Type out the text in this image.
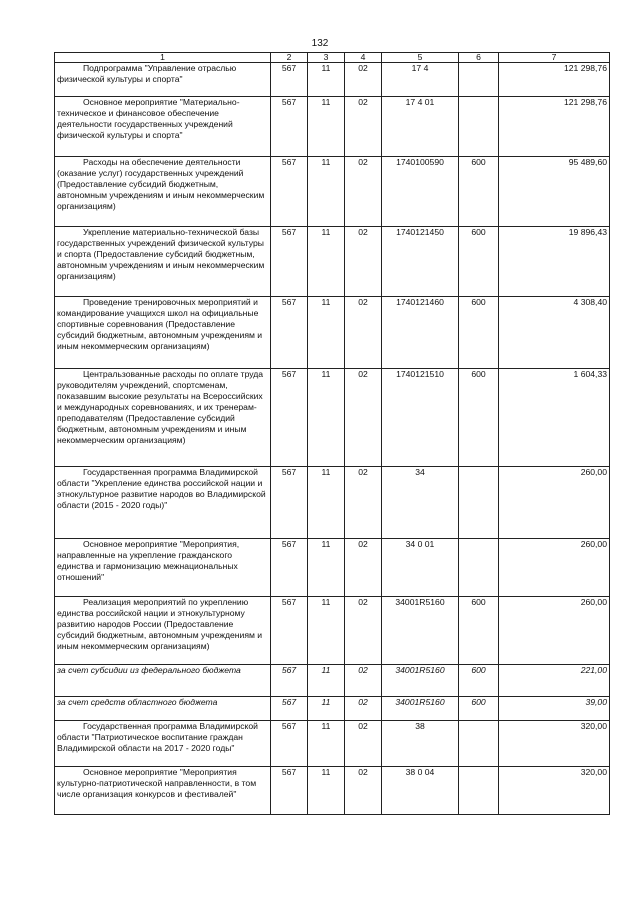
132
1	2	3	4	5	6	7

Подпрограмма "Управление отраслью физической культуры и спорта"	567	11	02	17 4		121 298,76

Основное мероприятие "Материально-техническое и финансовое обеспечение деятельности государственных учреждений физической культуры и спорта"	567	11	02	17 4 01		121 298,76

Расходы на обеспечение деятельности (оказание услуг) государственных учреждений (Предоставление субсидий бюджетным, автономным учреждениям и иным некоммерческим организациям)	567	11	02	1740100590	600	95 489,60

Укрепление материально-технической базы государственных учреждений физической культуры и спорта (Предоставление субсидий бюджетным, автономным учреждениям и иным некоммерческим организациям)	567	11	02	1740121450	600	19 896,43

Проведение тренировочных мероприятий и командирование учащихся школ на официальные спортивные соревнования (Предоставление субсидий бюджетным, автономным учреждениям и иным некоммерческим организациям)	567	11	02	1740121460	600	4 308,40

Центральзованные расходы по оплате труда руководителям учреждений, спортсменам, показавшим высокие результаты на Всероссийских и международных соревнованиях, и их тренерам-преподавателям (Предоставление субсидий бюджетным, автономным учреждениям и иным некоммерческим организациям)	567	11	02	1740121510	600	1 604,33

Государственная программа Владимирской области "Укрепление единства российской нации и этнокультурное развитие народов во Владимирской области (2015 - 2020 годы)"	567	11	02	34		260,00

Основное мероприятие "Мероприятия, направленные на укрепление гражданского единства и гармонизацию межнациональных отношений"	567	11	02	34 0 01		260,00

Реализация мероприятий по укреплению единства российской нации и этнокультурному развитию народов России (Предоставление субсидий бюджетным, автономным учреждениям и иным некоммерческим организациям)	567	11	02	34001R5160	600	260,00
за счет субсидии из федерального бюджета	567	11	02	34001R5160	600	221,00
за счет средств областного бюджета	567	11	02	34001R5160	600	39,00

Государственная программа Владимирской области "Патриотическое воспитание граждан Владимирской области на 2017 - 2020 годы"	567	11	02	38		320,00

Основное мероприятие "Мероприятия культурно-патриотической направленности, в том числе организация конкурсов и фестивалей"	567	11	02	38 0 04		320,00
